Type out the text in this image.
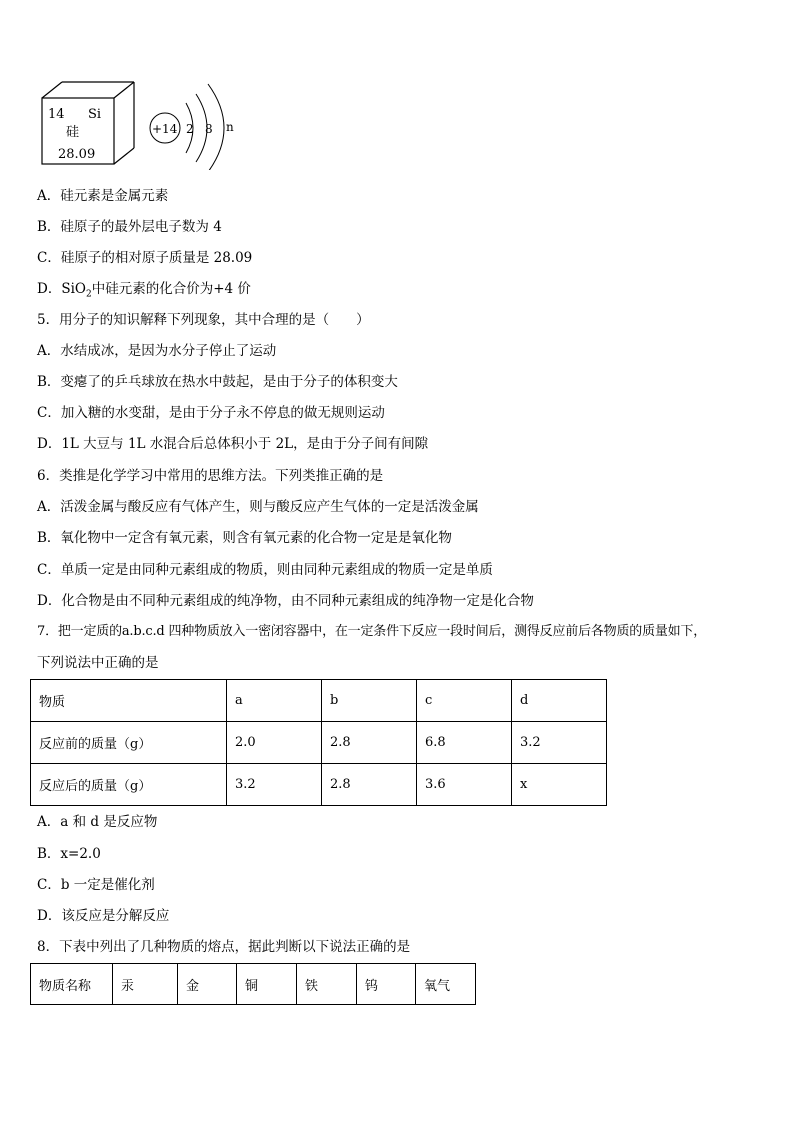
14 Si
硅
28.09
+14 2 8 n
A．硅元素是金属元素
B．硅原子的最外层电子数为 4
C．硅原子的相对原子质量是 28.09
D．SiO$_2$中硅元素的化合价为+4 价
5．用分子的知识解释下列现象，其中合理的是（　　）
A．水结成冰，是因为水分子停止了运动
B．变瘪了的乒乓球放在热水中鼓起，是由于分子的体积变大
C．加入糖的水变甜，是由于分子永不停息的做无规则运动
D．1L 大豆与 1L 水混合后总体积小于 2L，是由于分子间有间隙
6．类推是化学学习中常用的思维方法。下列类推正确的是
A．活泼金属与酸反应有气体产生，则与酸反应产生气体的一定是活泼金属
B．氧化物中一定含有氧元素，则含有氧元素的化合物一定是是氧化物
C．单质一定是由同种元素组成的物质，则由同种元素组成的物质一定是单质
D．化合物是由不同种元素组成的纯净物，由不同种元素组成的纯净物一定是化合物
7．把一定质的a.b.c.d 四种物质放入一密闭容器中，在一定条件下反应一段时间后，测得反应前后各物质的质量如下，
下列说法中正确的是
物质	a	b	c	d
反应前的质量（g）	2.0	2.8	6.8	3.2
反应后的质量（g）	3.2	2.8	3.6	x
A．a 和 d 是反应物
B．x=2.0
C．b 一定是催化剂
D．该反应是分解反应
8．下表中列出了几种物质的熔点，据此判断以下说法正确的是
物质名称	汞	金	铜	铁	钨	氧气
